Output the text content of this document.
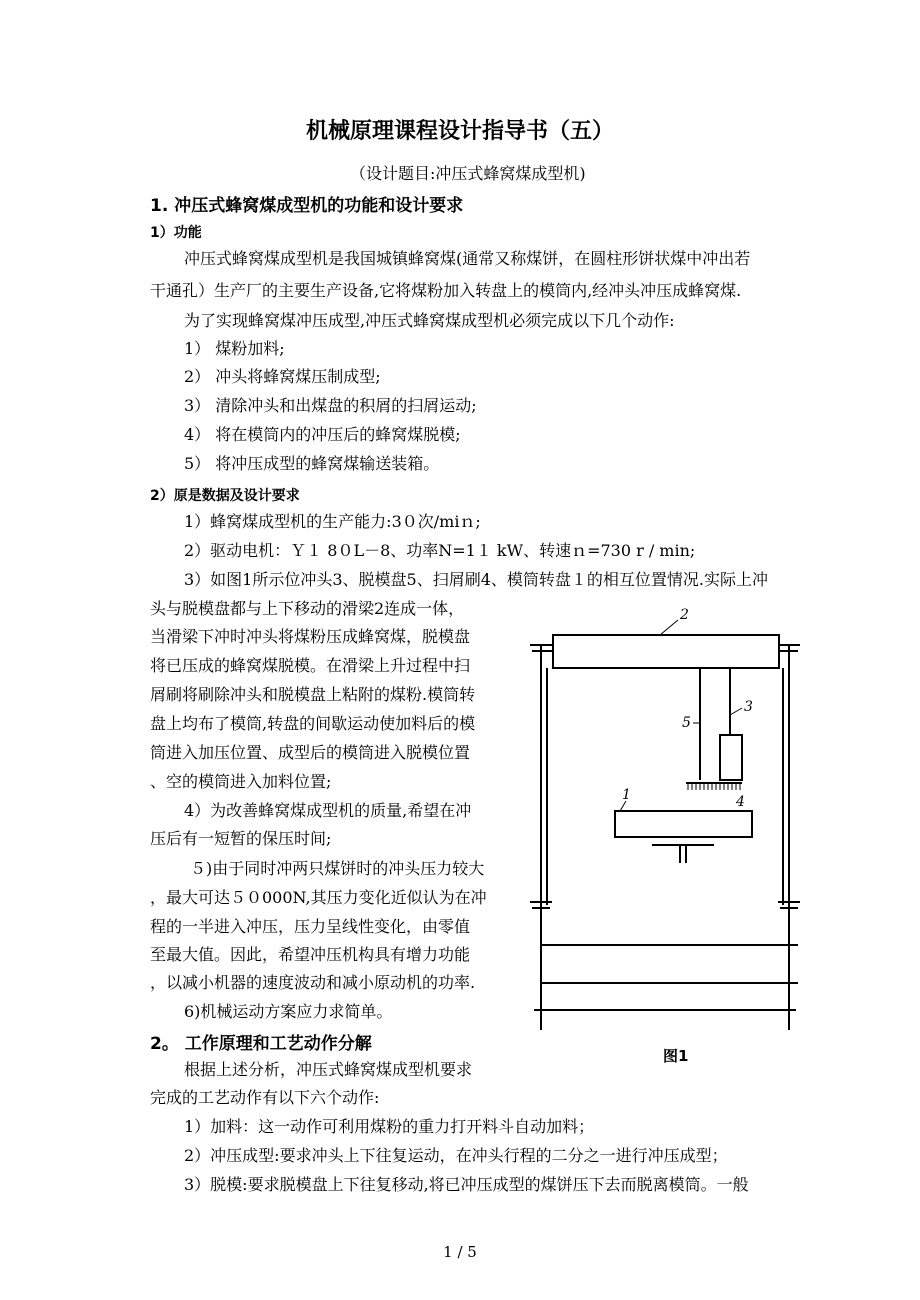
机械原理课程设计指导书（五）
（设计题目:冲压式蜂窝煤成型机)
1. 冲压式蜂窝煤成型机的功能和设计要求
1）功能
冲压式蜂窝煤成型机是我国城镇蜂窝煤(通常又称煤饼，在圆柱形饼状煤中冲出若
干通孔）生产厂的主要生产设备,它将煤粉加入转盘上的模筒内,经冲头冲压成蜂窝煤.
为了实现蜂窝煤冲压成型,冲压式蜂窝煤成型机必须完成以下几个动作:
1） 煤粉加料;
2） 冲头将蜂窝煤压制成型;
3） 清除冲头和出煤盘的积屑的扫屑运动;
4） 将在模筒内的冲压后的蜂窝煤脱模;
5） 将冲压成型的蜂窝煤输送装箱。
2）原是数据及设计要求
1）蜂窝煤成型机的生产能力:3０次/miｎ;
2）驱动电机：Ｙ１ 8０L－8、功率N=1１ kW、转速ｎ=730 r / min;
3）如图1所示位冲头3、脱模盘5、扫屑刷4、模筒转盘１的相互位置情况.实际上冲
头与脱模盘都与上下移动的滑梁2连成一体，
当滑梁下冲时冲头将煤粉压成蜂窝煤，脱模盘
将已压成的蜂窝煤脱模。在滑梁上升过程中扫
屑刷将刷除冲头和脱模盘上粘附的煤粉.模筒转
盘上均布了模筒,转盘的间歇运动使加料后的模
筒进入加压位置、成型后的模筒进入脱模位置
、空的模筒进入加料位置;
4）为改善蜂窝煤成型机的质量,希望在冲
压后有一短暂的保压时间;
５)由于同时冲两只煤饼时的冲头压力较大
，最大可达５０000N,其压力变化近似认为在冲
程的一半进入冲压，压力呈线性变化，由零值
至最大值。因此，希望冲压机构具有增力功能
，以减小机器的速度波动和减小原动机的功率.
6)机械运动方案应力求简单。
2。 工作原理和工艺动作分解
根据上述分析，冲压式蜂窝煤成型机要求
完成的工艺动作有以下六个动作:
1）加料：这一动作可利用煤粉的重力打开料斗自动加料；
2）冲压成型:要求冲头上下往复运动，在冲头行程的二分之一进行冲压成型；
3）脱模:要求脱模盘上下往复移动,将已冲压成型的煤饼压下去而脱离模筒。一般
2
5
3
4
1
图1
1 / 5
